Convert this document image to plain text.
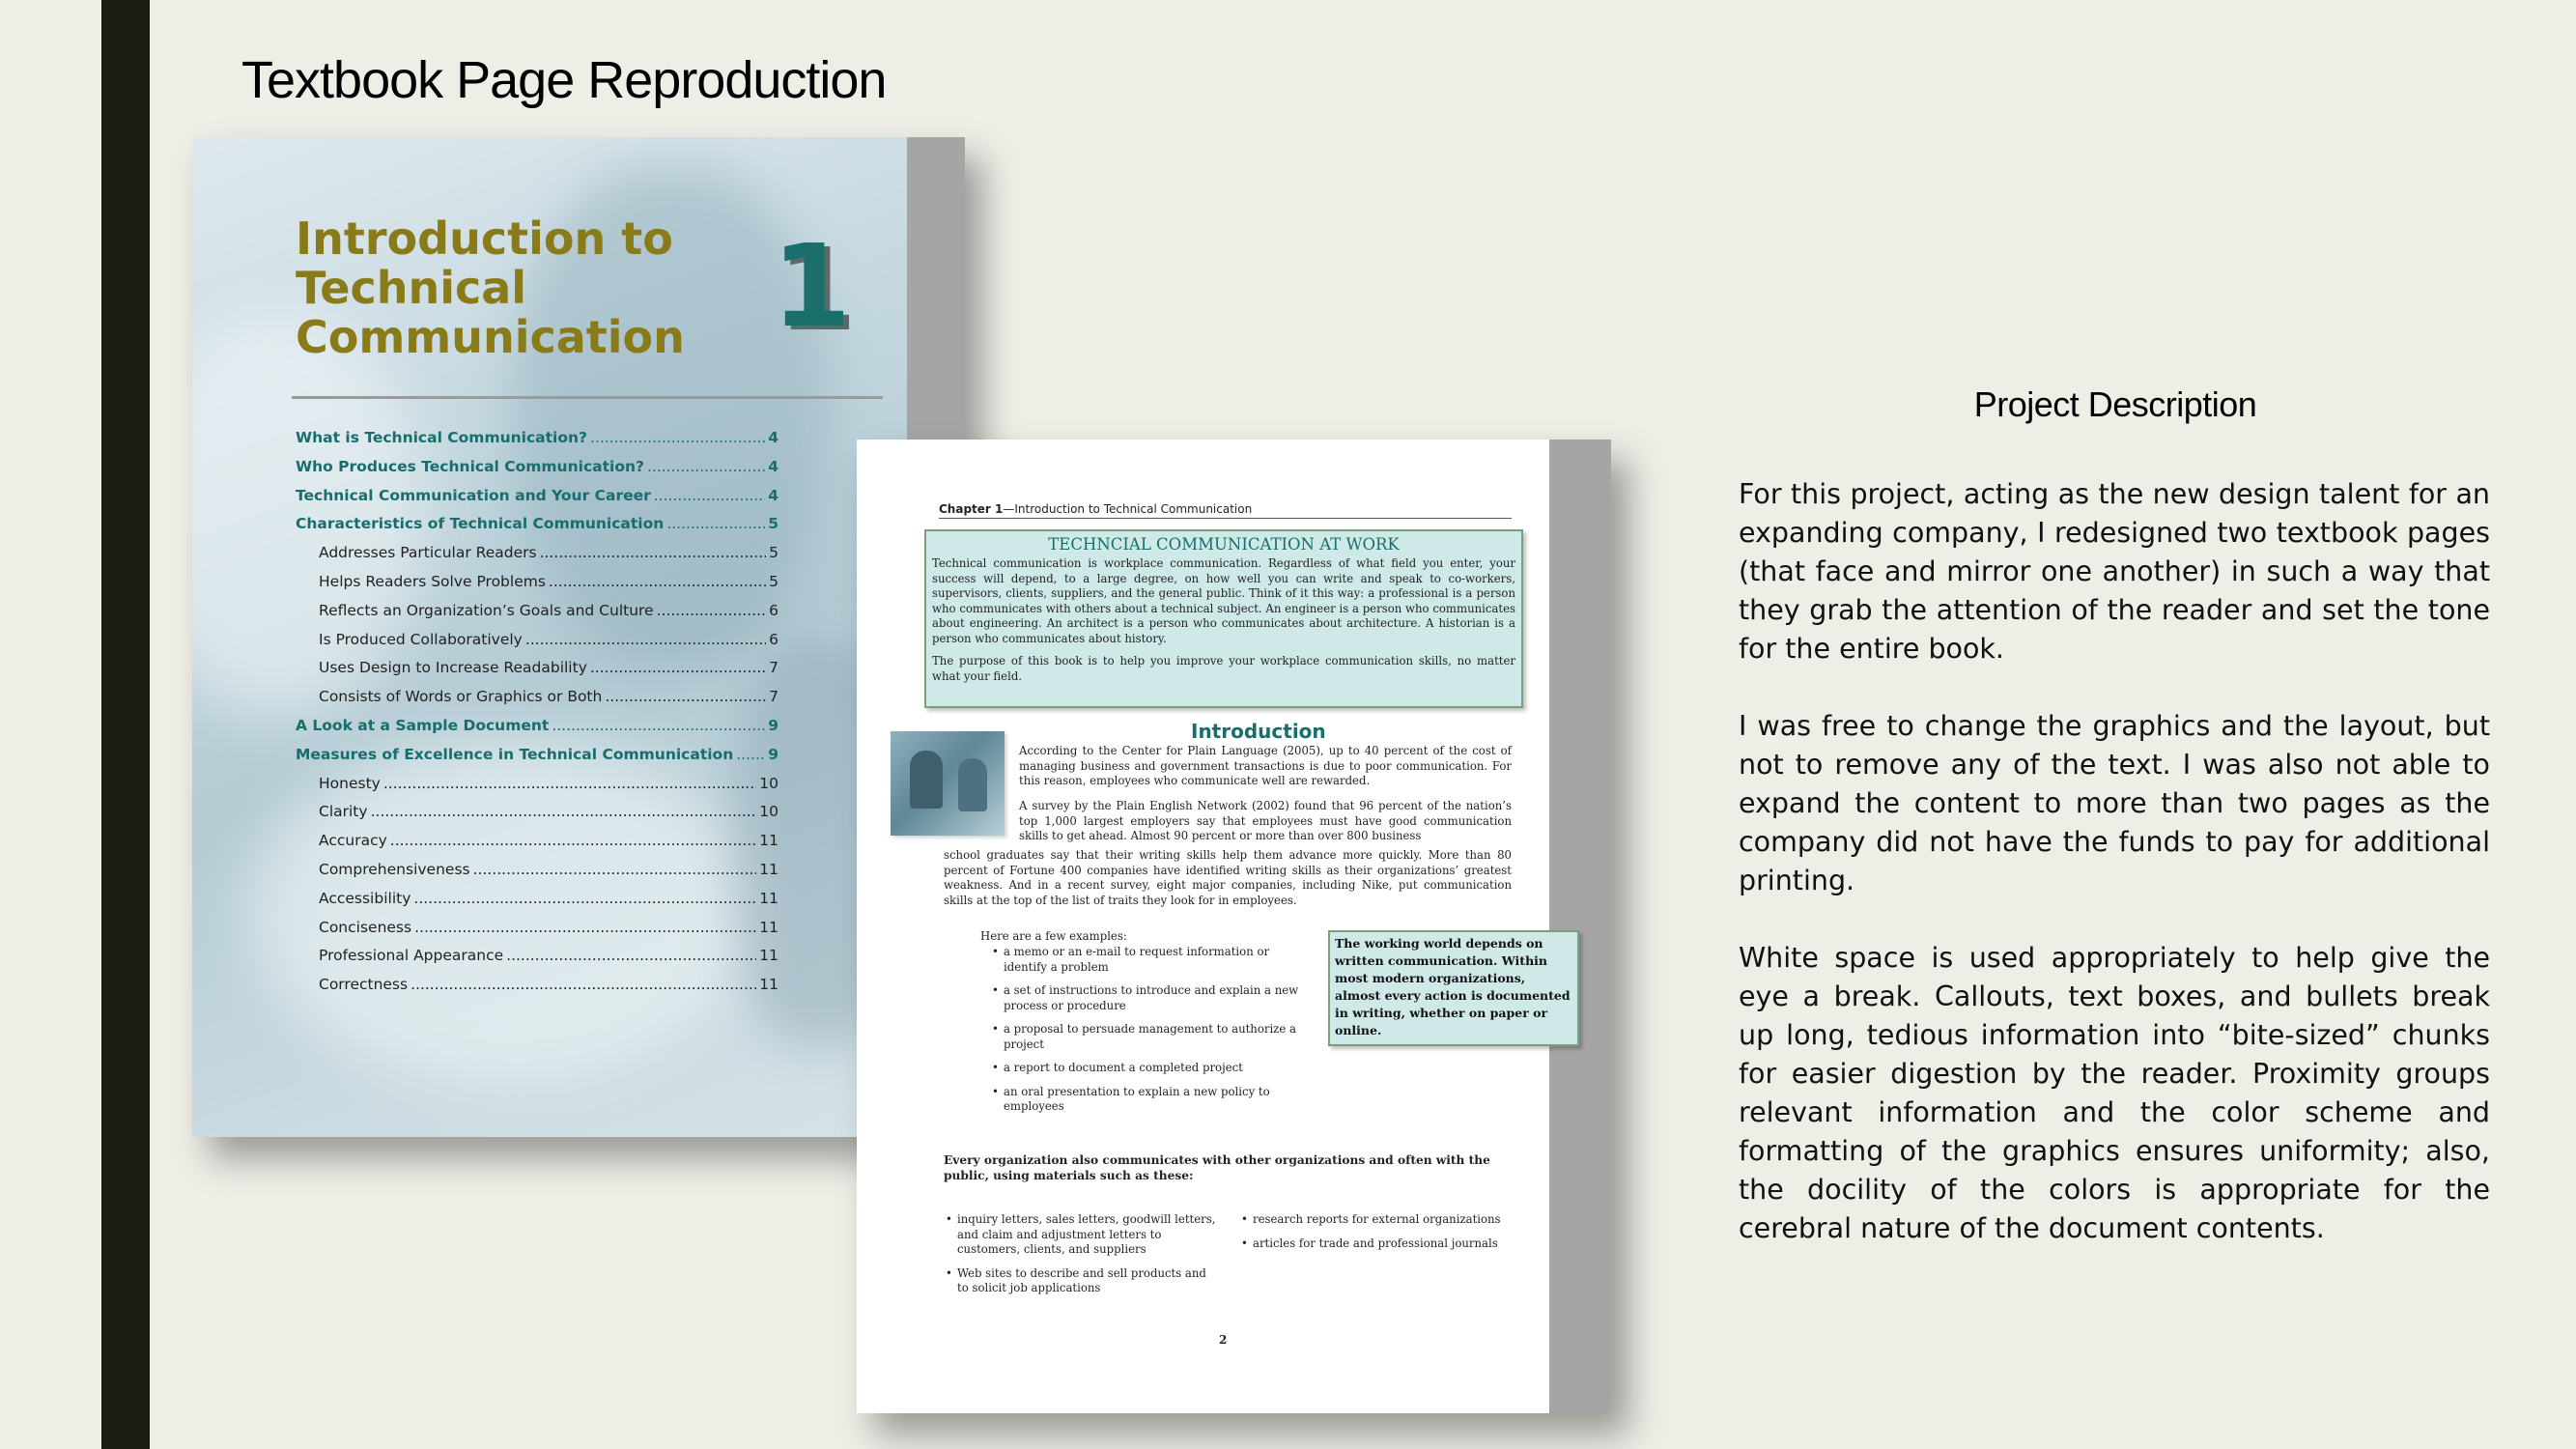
Textbook Page Reproduction
Introduction to Technical Communication 1
What is Technical Communication? .....	4
Who Produces Technical Communication? .....	4
Technical Communication and Your Career .....	4
Characteristics of Technical Communication .....	5
Addresses Particular Readers .....	5
Helps Readers Solve Problems .....	5
Reflects an Organization’s Goals and Culture .....	6
Is Produced Collaboratively .....	6
Uses Design to Increase Readability .....	7
Consists of Words or Graphics or Both .....	7
A Look at a Sample Document .....	9
Measures of Excellence in Technical Communication ..... 9
Honesty .....	10
Clarity .....	10
Accuracy .....	11
Comprehensiveness .....	11
Accessibility .....	11
Conciseness .....	11
Professional Appearance .....	11
Correctness .....	11
Chapter 1—Introduction to Technical Communication
TECHNCIAL COMMUNICATION AT WORK

Technical communication is workplace communication. Regardless of what field you enter, your success will depend, to a large degree, on how well you can write and speak to co-workers, supervisors, clients, suppliers, and the general public. Think of it this way: a professional is a person who communicates with others about a technical subject. An engineer is a person who communicates about engineering. An architect is a person who communicates about architecture. A historian is a person who communicates about history.

The purpose of this book is to help you improve your workplace communication skills, no matter what your field.

Introduction

According to the Center for Plain Language (2005), up to 40 percent of the cost of managing business and government transactions is due to poor communication. For this reason, employees who communicate well are rewarded.

A survey by the Plain English Network (2002) found that 96 percent of the nation’s top 1,000 largest employers say that employees must have good communication skills to get ahead. Almost 90 percent or more than over 800 business

school graduates say that their writing skills help them advance more quickly. More than 80 percent of Fortune 400 companies have identified writing skills as their organizations’ greatest weakness. And in a recent survey, eight major companies, including Nike, put communication skills at the top of the list of traits they look for in employees.

Here are a few examples:

• a memo or an e-mail to request information or identify a problem
• a set of instructions to introduce and explain a new process or procedure
• a proposal to persuade management to authorize a project
• a report to document a completed project
• an oral presentation to explain a new policy to employees
The working world depends on written communication. Within most modern organizations, almost every action is documented in writing, whether on paper or online.

Every organization also communicates with other organizations and often with the public, using materials such as these:

• inquiry letters, sales letters, goodwill letters, and claim and adjustment letters to customers, clients, and suppliers
• Web sites to describe and sell products and to solicit job applications
• research reports for external organizations
• articles for trade and professional journals
2
Project Description

For this project, acting as the new design talent for an expanding company, I redesigned two textbook pages (that face and mirror one another) in such a way that they grab the attention of the reader and set the tone for the entire book.

I was free to change the graphics and the layout, but not to remove any of the text. I was also not able to expand the content to more than two pages as the company did not have the funds to pay for additional printing.

White space is used appropriately to help give the eye a break. Callouts, text boxes, and bullets break up long, tedious information into “bite-sized” chunks for easier digestion by the reader. Proximity groups relevant information and the color scheme and formatting of the graphics ensures uniformity; also, the docility of the colors is appropriate for the cerebral nature of the document contents.
